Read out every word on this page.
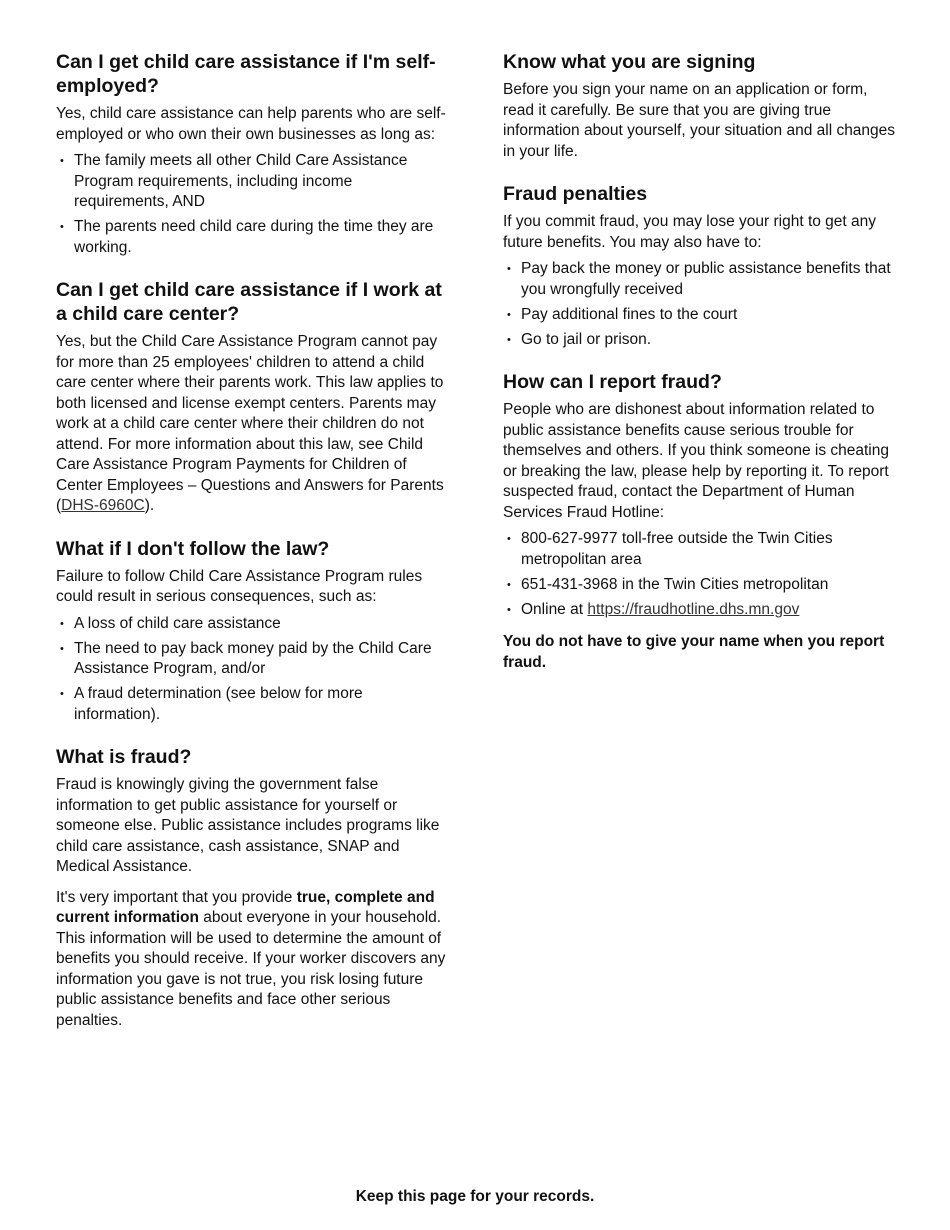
Can I get child care assistance if I'm self-employed?

Yes, child care assistance can help parents who are self-employed or who own their own businesses as long as:

• The family meets all other Child Care Assistance Program requirements, including income requirements, AND
• The parents need child care during the time they are working.
Can I get child care assistance if I work at a child care center?

Yes, but the Child Care Assistance Program cannot pay for more than 25 employees' children to attend a child care center where their parents work. This law applies to both licensed and license exempt centers. Parents may work at a child care center where their children do not attend. For more information about this law, see Child Care Assistance Program Payments for Children of Center Employees – Questions and Answers for Parents (DHS-6960C).

What if I don't follow the law?

Failure to follow Child Care Assistance Program rules could result in serious consequences, such as:

• A loss of child care assistance
• The need to pay back money paid by the Child Care Assistance Program, and/or
• A fraud determination (see below for more information).
What is fraud?

Fraud is knowingly giving the government false information to get public assistance for yourself or someone else. Public assistance includes programs like child care assistance, cash assistance, SNAP and Medical Assistance.

It's very important that you provide true, complete and current information about everyone in your household. This information will be used to determine the amount of benefits you should receive. If your worker discovers any information you gave is not true, you risk losing future public assistance benefits and face other serious penalties.

Know what you are signing

Before you sign your name on an application or form, read it carefully. Be sure that you are giving true information about yourself, your situation and all changes in your life.

Fraud penalties

If you commit fraud, you may lose your right to get any future benefits. You may also have to:

• Pay back the money or public assistance benefits that you wrongfully received
• Pay additional fines to the court
• Go to jail or prison.
How can I report fraud?

People who are dishonest about information related to public assistance benefits cause serious trouble for themselves and others. If you think someone is cheating or breaking the law, please help by reporting it. To report suspected fraud, contact the Department of Human Services Fraud Hotline:

• 800-627-9977 toll-free outside the Twin Cities metropolitan area
• 651-431-3968 in the Twin Cities metropolitan
• Online at https://fraudhotline.dhs.mn.gov

You do not have to give your name when you report fraud.

Keep this page for your records.
